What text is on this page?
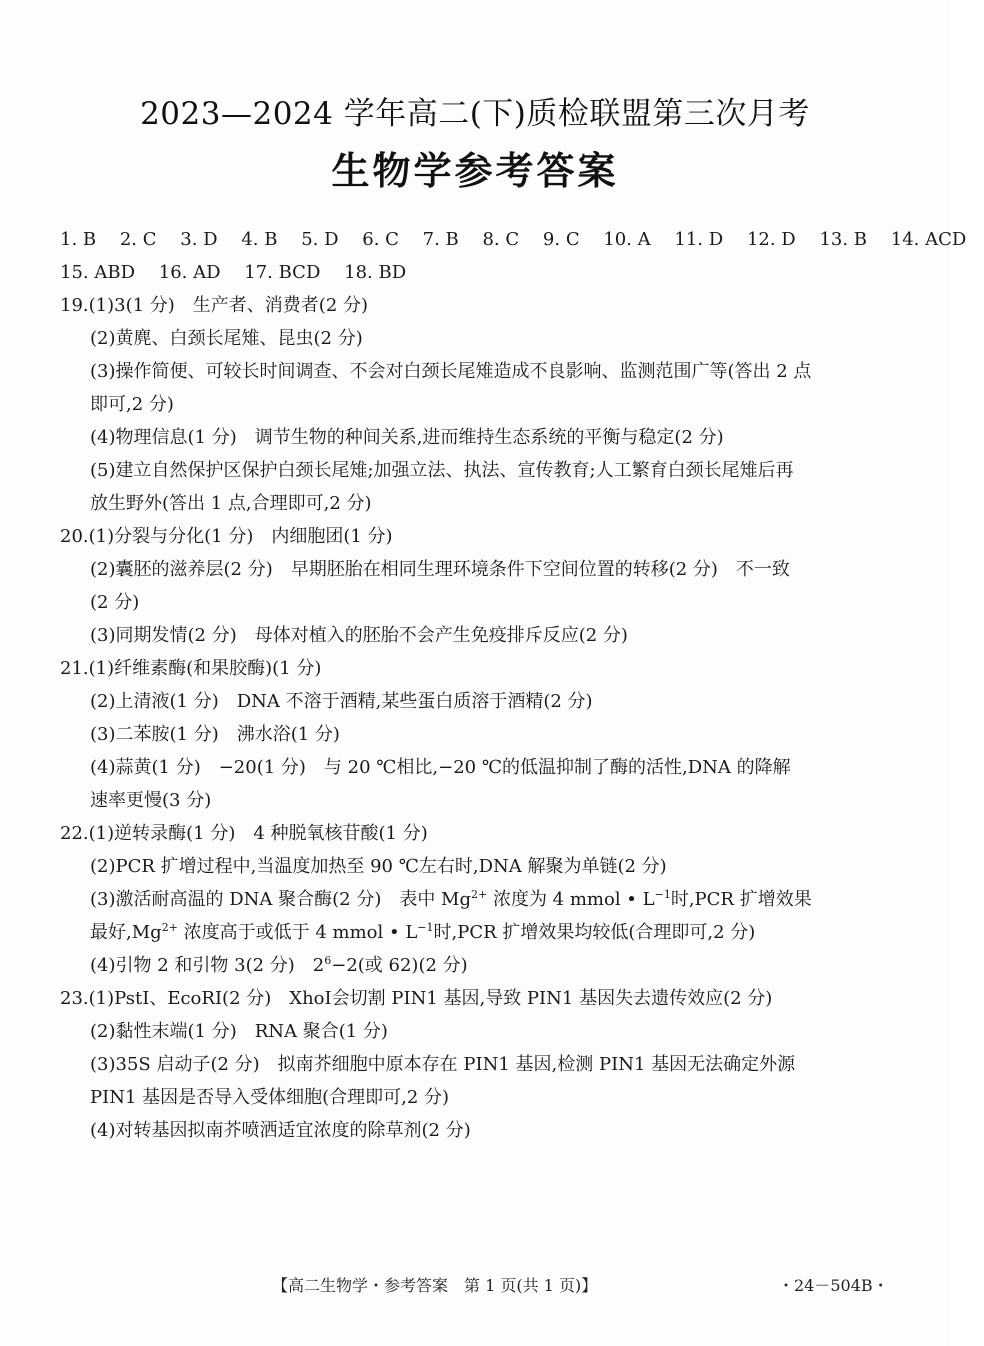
2023—2024 学年高二(下)质检联盟第三次月考
生物学参考答案
1. B 2. C 3. D 4. B 5. D 6. C 7. B 8. C 9. C 10. A 11. D 12. D 13. B 14. ACD
15. ABD 16. AD 17. BCD 18. BD
19.(1)3(1 分)　生产者、消费者(2 分)
(2)黄麂、白颈长尾雉、昆虫(2 分)
(3)操作简便、可较长时间调查、不会对白颈长尾雉造成不良影响、监测范围广等(答出 2 点
即可,2 分)
(4)物理信息(1 分)　调节生物的种间关系,进而维持生态系统的平衡与稳定(2 分)
(5)建立自然保护区保护白颈长尾雉;加强立法、执法、宣传教育;人工繁育白颈长尾雉后再
放生野外(答出 1 点,合理即可,2 分)
20.(1)分裂与分化(1 分)　内细胞团(1 分)
(2)囊胚的滋养层(2 分)　早期胚胎在相同生理环境条件下空间位置的转移(2 分)　不一致
(2 分)
(3)同期发情(2 分)　母体对植入的胚胎不会产生免疫排斥反应(2 分)
21.(1)纤维素酶(和果胶酶)(1 分)
(2)上清液(1 分)　DNA 不溶于酒精,某些蛋白质溶于酒精(2 分)
(3)二苯胺(1 分)　沸水浴(1 分)
(4)蒜黄(1 分)　−20(1 分)　与 20 ℃相比,−20 ℃的低温抑制了酶的活性,DNA 的降解
速率更慢(3 分)
22.(1)逆转录酶(1 分)　4 种脱氧核苷酸(1 分)
(2)PCR 扩增过程中,当温度加热至 90 ℃左右时,DNA 解聚为单链(2 分)
(3)激活耐高温的 DNA 聚合酶(2 分)　表中 $Mg^{2+}$ 浓度为 4 mmol • $L^{-1}$时,PCR 扩增效果
最好$,Mg^{2+}$ 浓度高于或低于 4 mmol • $L^{-1}$时,PCR 扩增效果均较低(合理即可,2 分)
(4)引物 2 和引物 3(2 分)　$2^6-2$(或 62)(2 分)
23.(1)PstⅠ、EcoRⅠ(2 分)　XhoⅠ会切割 PIN1 基因,导致 PIN1 基因失去遗传效应(2 分)
(2)黏性末端(1 分)　RNA 聚合(1 分)
(3)35S 启动子(2 分)　拟南芥细胞中原本存在 PIN1 基因,检测 PIN1 基因无法确定外源
PIN1 基因是否导入受体细胞(合理即可,2 分)
(4)对转基因拟南芥喷洒适宜浓度的除草剂(2 分)
【高二生物学・参考答案　第 1 页(共 1 页)】	・24－504B・
